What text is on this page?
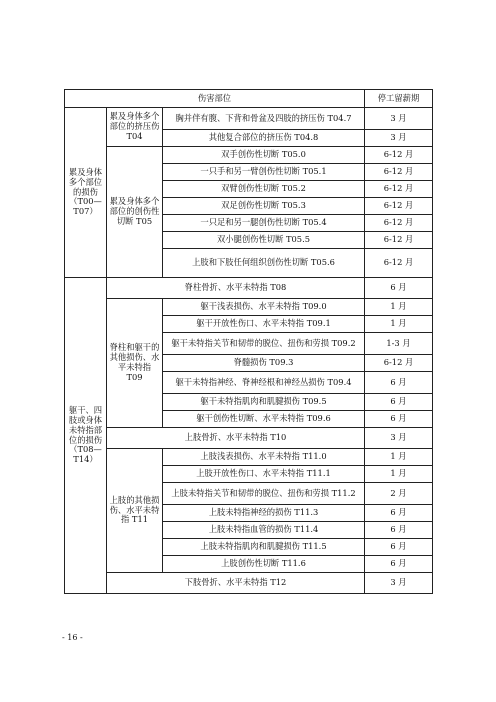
伤害部位			停工留薪期
累及身体多个部位的损伤（T00—T07）	累及身体多个部位的挤压伤 T04	胸并伴有腹、下背和骨盆及四肢的挤压伤 T04.7	3 月
		其他复合部位的挤压伤 T04.8	3 月
	累及身体多个部位的创伤性切断 T05	双手创伤性切断 T05.0	6-12 月
		一只手和另一臂创伤性切断 T05.1	6-12 月
		双臂创伤性切断 T05.2	6-12 月
		双足创伤性切断 T05.3	6-12 月
		一只足和另一腿创伤性切断 T05.4	6-12 月
		双小腿创伤性切断 T05.5	6-12 月
		上肢和下肢任何组织创伤性切断 T05.6	6-12 月
躯干、四肢或身体未特指部位的损伤（T08—T14）	脊柱骨折、水平未特指 T08		6 月
	脊柱和躯干的其他损伤、水平未特指 T09	躯干浅表损伤、水平未特指 T09.0	1 月
		躯干开放性伤口、水平未特指 T09.1	1 月
		躯干未特指关节和韧带的脱位、扭伤和劳损 T09.2	1-3 月
		脊髓损伤 T09.3	6-12 月
		躯干未特指神经、脊神经根和神经丛损伤 T09.4	6 月
		躯干未特指肌肉和肌腱损伤 T09.5	6 月
		躯干创伤性切断、水平未特指 T09.6	6 月
	上肢骨折、水平未特指 T10		3 月
	上肢的其他损伤、水平未特指 T11	上肢浅表损伤、水平未特指 T11.0	1 月
		上肢开放性伤口、水平未特指 T11.1	1 月
		上肢未特指关节和韧带的脱位、扭伤和劳损 T11.2	2 月
		上肢未特指神经的损伤 T11.3	6 月
		上肢未特指血管的损伤 T11.4	6 月
		上肢未特指肌肉和肌腱损伤 T11.5	6 月
		上肢创伤性切断 T11.6	6 月
	下肢骨折、水平未特指 T12		3 月
- 16 -
